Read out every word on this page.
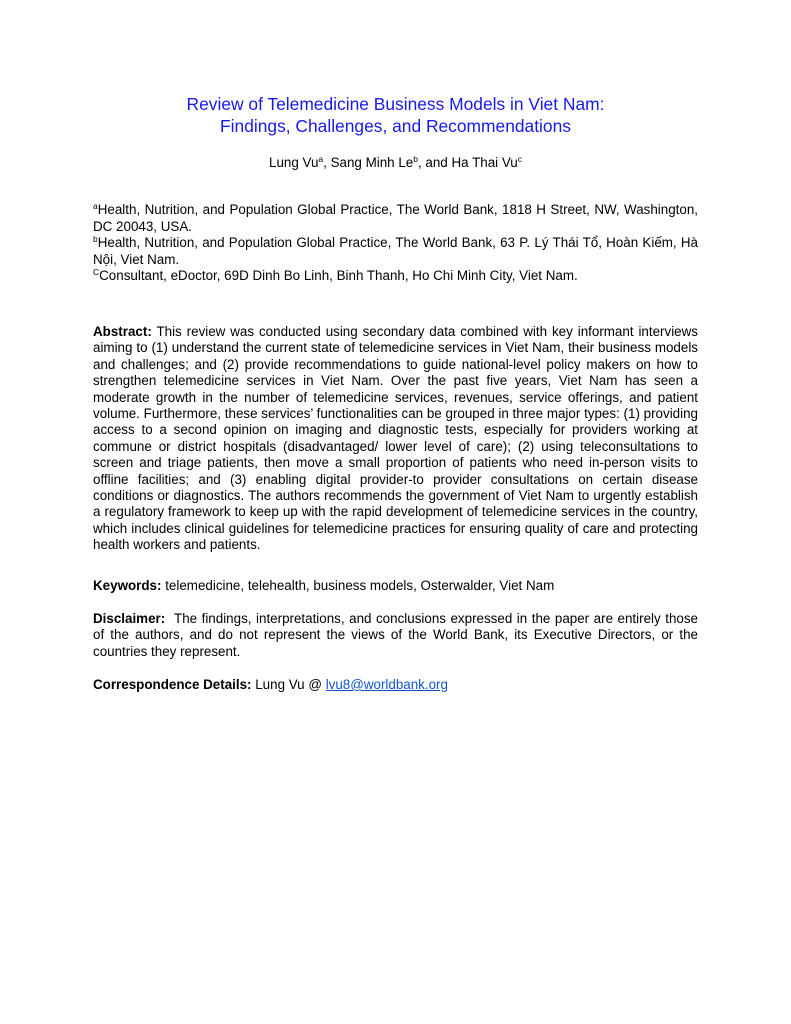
Review of Telemedicine Business Models in Viet Nam:
Findings, Challenges, and Recommendations
Lung Vu$^a$, Sang Minh Le$^b$, and Ha Thai Vu$^c$

$^a$Health, Nutrition, and Population Global Practice, The World Bank, 1818 H Street, NW, Washington, DC 20043, USA.

$^b$Health, Nutrition, and Population Global Practice, The World Bank, 63 P. Lý Thái Tổ, Hoàn Kiếm, Hà Nội, Viet Nam.

$^C$Consultant, eDoctor, 69D Dinh Bo Linh, Binh Thanh, Ho Chi Minh City, Viet Nam.

Abstract: This review was conducted using secondary data combined with key informant interviews aiming to (1) understand the current state of telemedicine services in Viet Nam, their business models and challenges; and (2) provide recommendations to guide national-level policy makers on how to strengthen telemedicine services in Viet Nam. Over the past five years, Viet Nam has seen a moderate growth in the number of telemedicine services, revenues, service offerings, and patient volume. Furthermore, these services’ functionalities can be grouped in three major types: (1) providing access to a second opinion on imaging and diagnostic tests, especially for providers working at commune or district hospitals (disadvantaged/ lower level of care); (2) using teleconsultations to screen and triage patients, then move a small proportion of patients who need in-person visits to offline facilities; and (3) enabling digital provider-to provider consultations on certain disease conditions or diagnostics. The authors recommends the government of Viet Nam to urgently establish a regulatory framework to keep up with the rapid development of telemedicine services in the country, which includes clinical guidelines for telemedicine practices for ensuring quality of care and protecting health workers and patients.

Keywords: telemedicine, telehealth, business models, Osterwalder, Viet Nam

Disclaimer: The findings, interpretations, and conclusions expressed in the paper are entirely those of the authors, and do not represent the views of the World Bank, its Executive Directors, or the countries they represent.

Correspondence Details: Lung Vu @ lvu8@worldbank.org
